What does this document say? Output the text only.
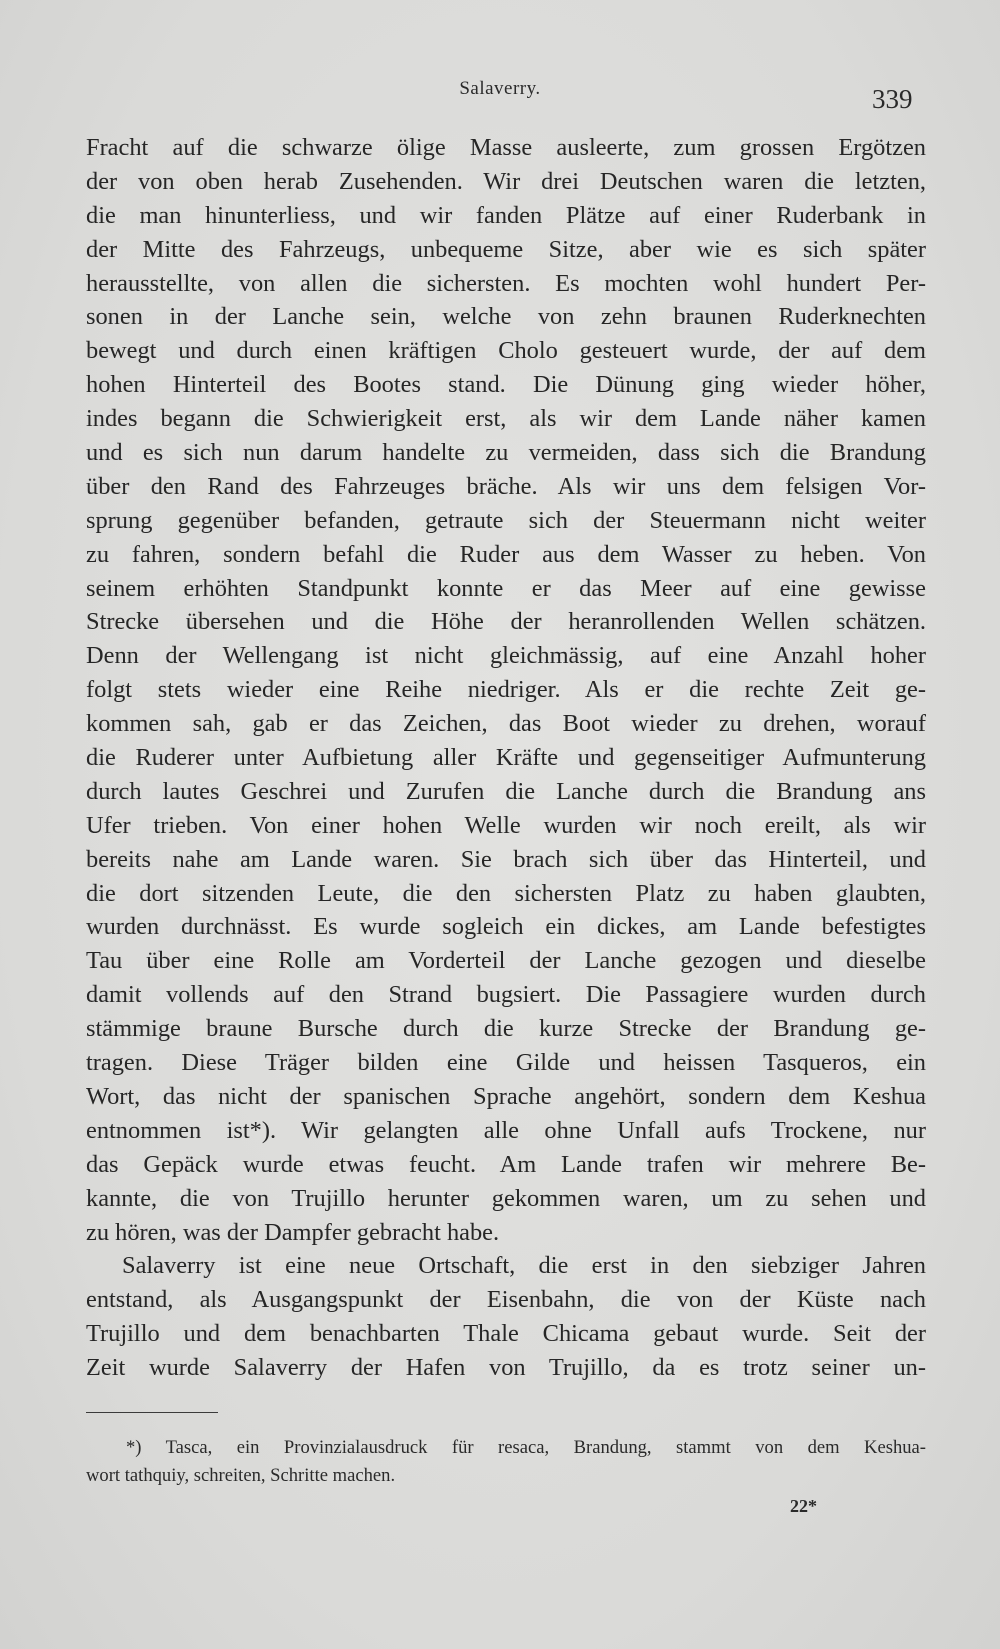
Salaverry.	339
Fracht auf die schwarze ölige Masse ausleerte, zum grossen Ergötzen
der von oben herab Zusehenden. Wir drei Deutschen waren die letzten,
die man hinunterliess, und wir fanden Plätze auf einer Ruderbank in
der Mitte des Fahrzeugs, unbequeme Sitze, aber wie es sich später
herausstellte, von allen die sichersten. Es mochten wohl hundert Per-
sonen in der Lanche sein, welche von zehn braunen Ruderknechten
bewegt und durch einen kräftigen Cholo gesteuert wurde, der auf dem
hohen Hinterteil des Bootes stand. Die Dünung ging wieder höher,
indes begann die Schwierigkeit erst, als wir dem Lande näher kamen
und es sich nun darum handelte zu vermeiden, dass sich die Brandung
über den Rand des Fahrzeuges bräche. Als wir uns dem felsigen Vor-
sprung gegenüber befanden, getraute sich der Steuermann nicht weiter
zu fahren, sondern befahl die Ruder aus dem Wasser zu heben. Von
seinem erhöhten Standpunkt konnte er das Meer auf eine gewisse
Strecke übersehen und die Höhe der heranrollenden Wellen schätzen.
Denn der Wellengang ist nicht gleichmässig, auf eine Anzahl hoher
folgt stets wieder eine Reihe niedriger. Als er die rechte Zeit ge-
kommen sah, gab er das Zeichen, das Boot wieder zu drehen, worauf
die Ruderer unter Aufbietung aller Kräfte und gegenseitiger Aufmunterung
durch lautes Geschrei und Zurufen die Lanche durch die Brandung ans
Ufer trieben. Von einer hohen Welle wurden wir noch ereilt, als wir
bereits nahe am Lande waren. Sie brach sich über das Hinterteil, und
die dort sitzenden Leute, die den sichersten Platz zu haben glaubten,
wurden durchnässt. Es wurde sogleich ein dickes, am Lande befestigtes
Tau über eine Rolle am Vorderteil der Lanche gezogen und dieselbe
damit vollends auf den Strand bugsiert. Die Passagiere wurden durch
stämmige braune Bursche durch die kurze Strecke der Brandung ge-
tragen. Diese Träger bilden eine Gilde und heissen Tasqueros, ein
Wort, das nicht der spanischen Sprache angehört, sondern dem Keshua
entnommen ist*). Wir gelangten alle ohne Unfall aufs Trockene, nur
das Gepäck wurde etwas feucht. Am Lande trafen wir mehrere Be-
kannte, die von Trujillo herunter gekommen waren, um zu sehen und
zu hören, was der Dampfer gebracht habe.
Salaverry ist eine neue Ortschaft, die erst in den siebziger Jahren
entstand, als Ausgangspunkt der Eisenbahn, die von der Küste nach
Trujillo und dem benachbarten Thale Chicama gebaut wurde. Seit der
Zeit wurde Salaverry der Hafen von Trujillo, da es trotz seiner un-
*) Tasca, ein Provinzialausdruck für resaca, Brandung, stammt von dem Keshua-
wort tathquiy, schreiten, Schritte machen.
22*
